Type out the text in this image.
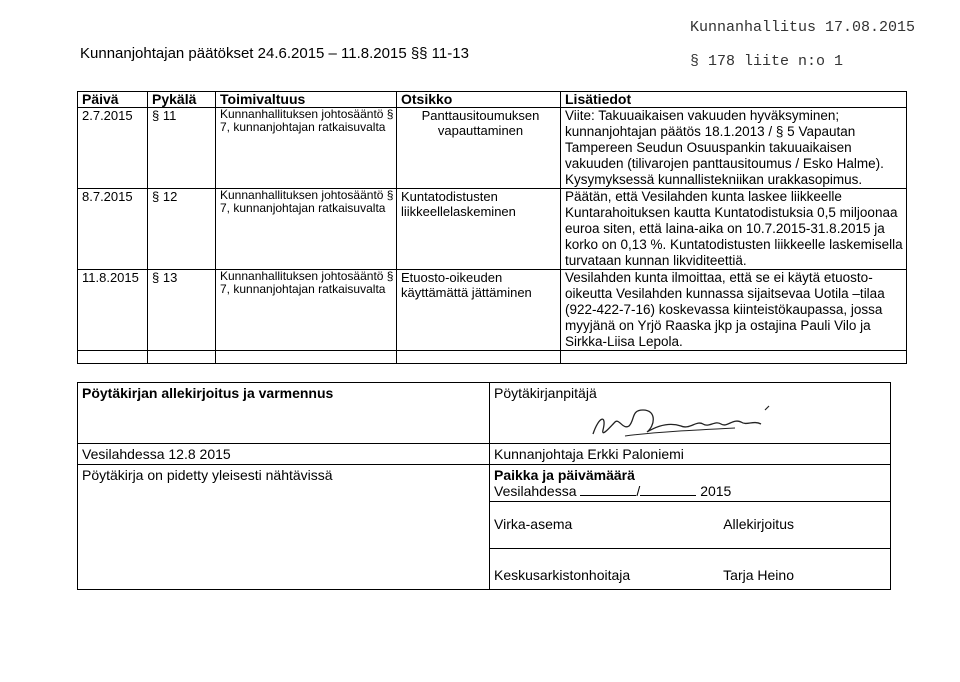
Kunnanhallitus 17.08.2015
§ 178 liite n:o 1
Kunnanjohtajan päätökset 24.6.2015 – 11.8.2015 §§ 11-13
Päivä	Pykälä	Toimivaltuus	Otsikko	Lisätiedot
2.7.2015	§ 11	Kunnanhallituksen johtosääntö § 7, kunnanjohtajan ratkaisuvalta	Panttausitoumuksen vapauttaminen	Viite: Takuuaikaisen vakuuden hyväksyminen; kunnanjohtajan päätös 18.1.2013 / § 5 Vapautan Tampereen Seudun Osuuspankin takuuaikaisen vakuuden (tilivarojen panttausitoumus / Esko Halme). Kysymyksessä kunnallistekniikan urakkasopimus.
8.7.2015	§ 12	Kunnanhallituksen johtosääntö § 7, kunnanjohtajan ratkaisuvalta	Kuntatodistusten liikkeellelaskeminen	Päätän, että Vesilahden kunta laskee liikkeelle Kuntarahoituksen kautta Kuntatodistuksia 0,5 miljoonaa euroa siten, että laina-aika on 10.7.2015-31.8.2015 ja korko on 0,13 %. Kuntatodistusten liikkeelle laskemisella turvataan kunnan likviditeettiä.
11.8.2015	§ 13	Kunnanhallituksen johtosääntö § 7, kunnanjohtajan ratkaisuvalta	Etuosto-oikeuden käyttämättä jättäminen	Vesilahden kunta ilmoittaa, että se ei käytä etuosto-oikeutta Vesilahden kunnassa sijaitsevaa Uotila –tilaa (922-422-7-16) koskevassa kiinteistökaupassa, jossa myyjänä on Yrjö Raaska jkp ja ostajina Pauli Vilo ja Sirkka-Liisa Lepola.

Pöytäkirjan allekirjoitus ja varmennus	Pöytäkirjanpitäjä

Vesilahdessa 12.8 2015	Kunnanjohtaja Erkki Paloniemi

Pöytäkirja on pidetty yleisesti nähtävissä	Paikka ja päivämäärä
Vesilahdessa / 2015

	Virka-asema Allekirjoitus

	Keskusarkistonhoitaja Tarja Heino
